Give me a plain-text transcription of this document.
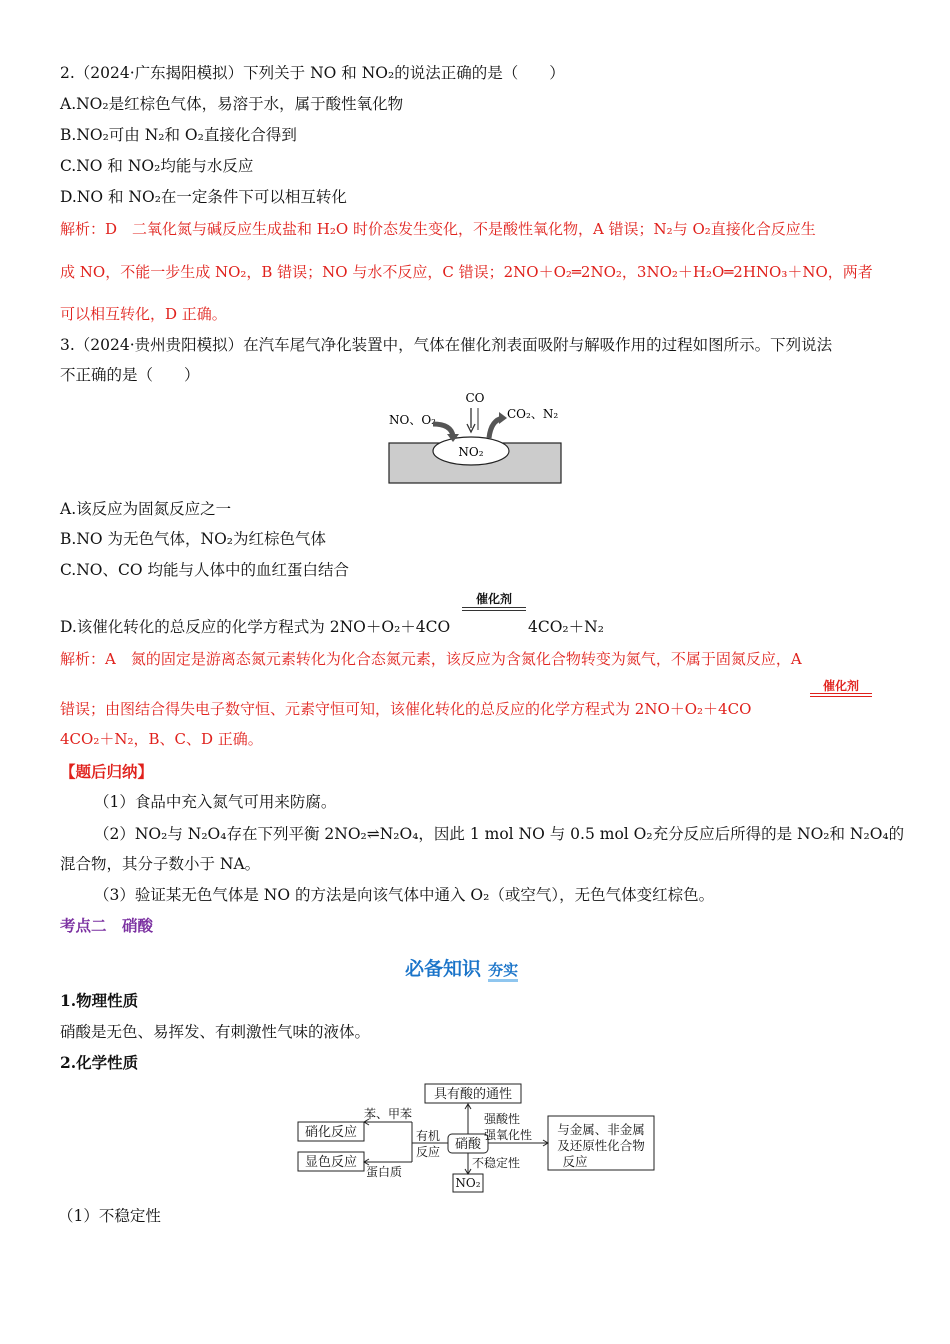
2.（2024·广东揭阳模拟）下列关于 NO 和 NO₂的说法正确的是（　　）
A.NO₂是红棕色气体，易溶于水，属于酸性氧化物
B.NO₂可由 N₂和 O₂直接化合得到
C.NO 和 NO₂均能与水反应
D.NO 和 NO₂在一定条件下可以相互转化
解析：D　二氧化氮与碱反应生成盐和 H₂O 时价态发生变化，不是酸性氧化物，A 错误；N₂与 O₂直接化合反应生
成 NO，不能一步生成 NO₂，B 错误；NO 与水不反应，C 错误；2NO＋O₂═2NO₂，3NO₂＋H₂O═2HNO₃＋NO，两者
可以相互转化，D 正确。
3.（2024·贵州贵阳模拟）在汽车尾气净化装置中，气体在催化剂表面吸附与解吸作用的过程如图所示。下列说法
不正确的是（　　）
NO₂
CO
NO、O₂	CO₂、N₂
A.该反应为固氮反应之一
B.NO 为无色气体，NO₂为红棕色气体
C.NO、CO 均能与人体中的血红蛋白结合
催化剂
D.该催化转化的总反应的化学方程式为 2NO＋O₂＋4CO	4CO₂＋N₂
解析：A　氮的固定是游离态氮元素转化为化合态氮元素，该反应为含氮化合物转变为氮气，不属于固氮反应，A
催化剂
错误；由图结合得失电子数守恒、元素守恒可知，该催化转化的总反应的化学方程式为 2NO＋O₂＋4CO
4CO₂＋N₂，B、C、D 正确。
【题后归纳】
（1）食品中充入氮气可用来防腐。
（2）NO₂与 N₂O₄存在下列平衡 2NO₂⇌N₂O₄，因此 1 mol NO 与 0.5 mol O₂充分反应后所得的是 NO₂和 N₂O₄的
混合物，其分子数小于 NA。
（3）验证某无色气体是 NO 的方法是向该气体中通入 O₂（或空气），无色气体变红棕色。
考点二　硝酸
必备知识 夯实
1.物理性质
硝酸是无色、易挥发、有刺激性气味的液体。
2.化学性质
具有酸的通性
硝酸
硝化反应
显色反应
NO₂
与金属、非金属
及还原性化合物
反应
苯、甲苯
有机
反应
蛋白质
强酸性
强氧化性
不稳定性
（1）不稳定性
